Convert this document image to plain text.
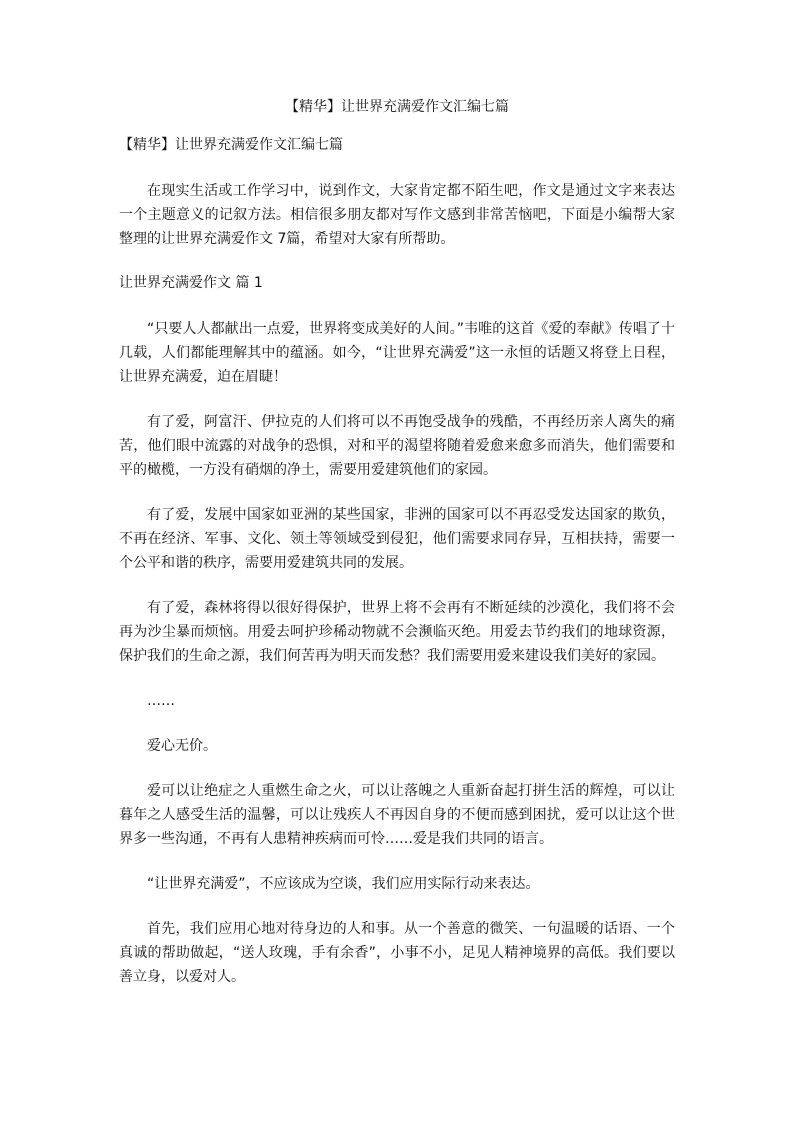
【精华】让世界充满爱作文汇编七篇
【精华】让世界充满爱作文汇编七篇

在现实生活或工作学习中，说到作文，大家肯定都不陌生吧，作文是通过文字来表达一个主题意义的记叙方法。相信很多朋友都对写作文感到非常苦恼吧，下面是小编帮大家整理的让世界充满爱作文 7篇，希望对大家有所帮助。

让世界充满爱作文 篇 1

“只要人人都献出一点爱，世界将变成美好的人间。”韦唯的这首《爱的奉献》传唱了十几载，人们都能理解其中的蕴涵。如今，“让世界充满爱”这一永恒的话题又将登上日程，让世界充满爱，迫在眉睫！

有了爱，阿富汗、伊拉克的人们将可以不再饱受战争的残酷，不再经历亲人离失的痛苦，他们眼中流露的对战争的恐惧，对和平的渴望将随着爱愈来愈多而消失，他们需要和平的橄榄，一方没有硝烟的净土，需要用爱建筑他们的家园。

有了爱，发展中国家如亚洲的某些国家，非洲的国家可以不再忍受发达国家的欺负，不再在经济、军事、文化、领土等领域受到侵犯，他们需要求同存异，互相扶持，需要一个公平和谐的秩序，需要用爱建筑共同的发展。

有了爱，森林将得以很好得保护，世界上将不会再有不断延续的沙漠化，我们将不会再为沙尘暴而烦恼。用爱去呵护珍稀动物就不会濒临灭绝。用爱去节约我们的地球资源，保护我们的生命之源，我们何苦再为明天而发愁？我们需要用爱来建设我们美好的家园。

……

爱心无价。

爱可以让绝症之人重燃生命之火，可以让落魄之人重新奋起打拼生活的辉煌，可以让暮年之人感受生活的温馨，可以让残疾人不再因自身的不便而感到困扰，爱可以让这个世界多一些沟通，不再有人患精神疾病而可怜……爱是我们共同的语言。

“让世界充满爱”，不应该成为空谈，我们应用实际行动来表达。

首先，我们应用心地对待身边的人和事。从一个善意的微笑、一句温暖的话语、一个真诚的帮助做起，“送人玫瑰，手有余香”，小事不小，足见人精神境界的高低。我们要以善立身，以爱对人。
